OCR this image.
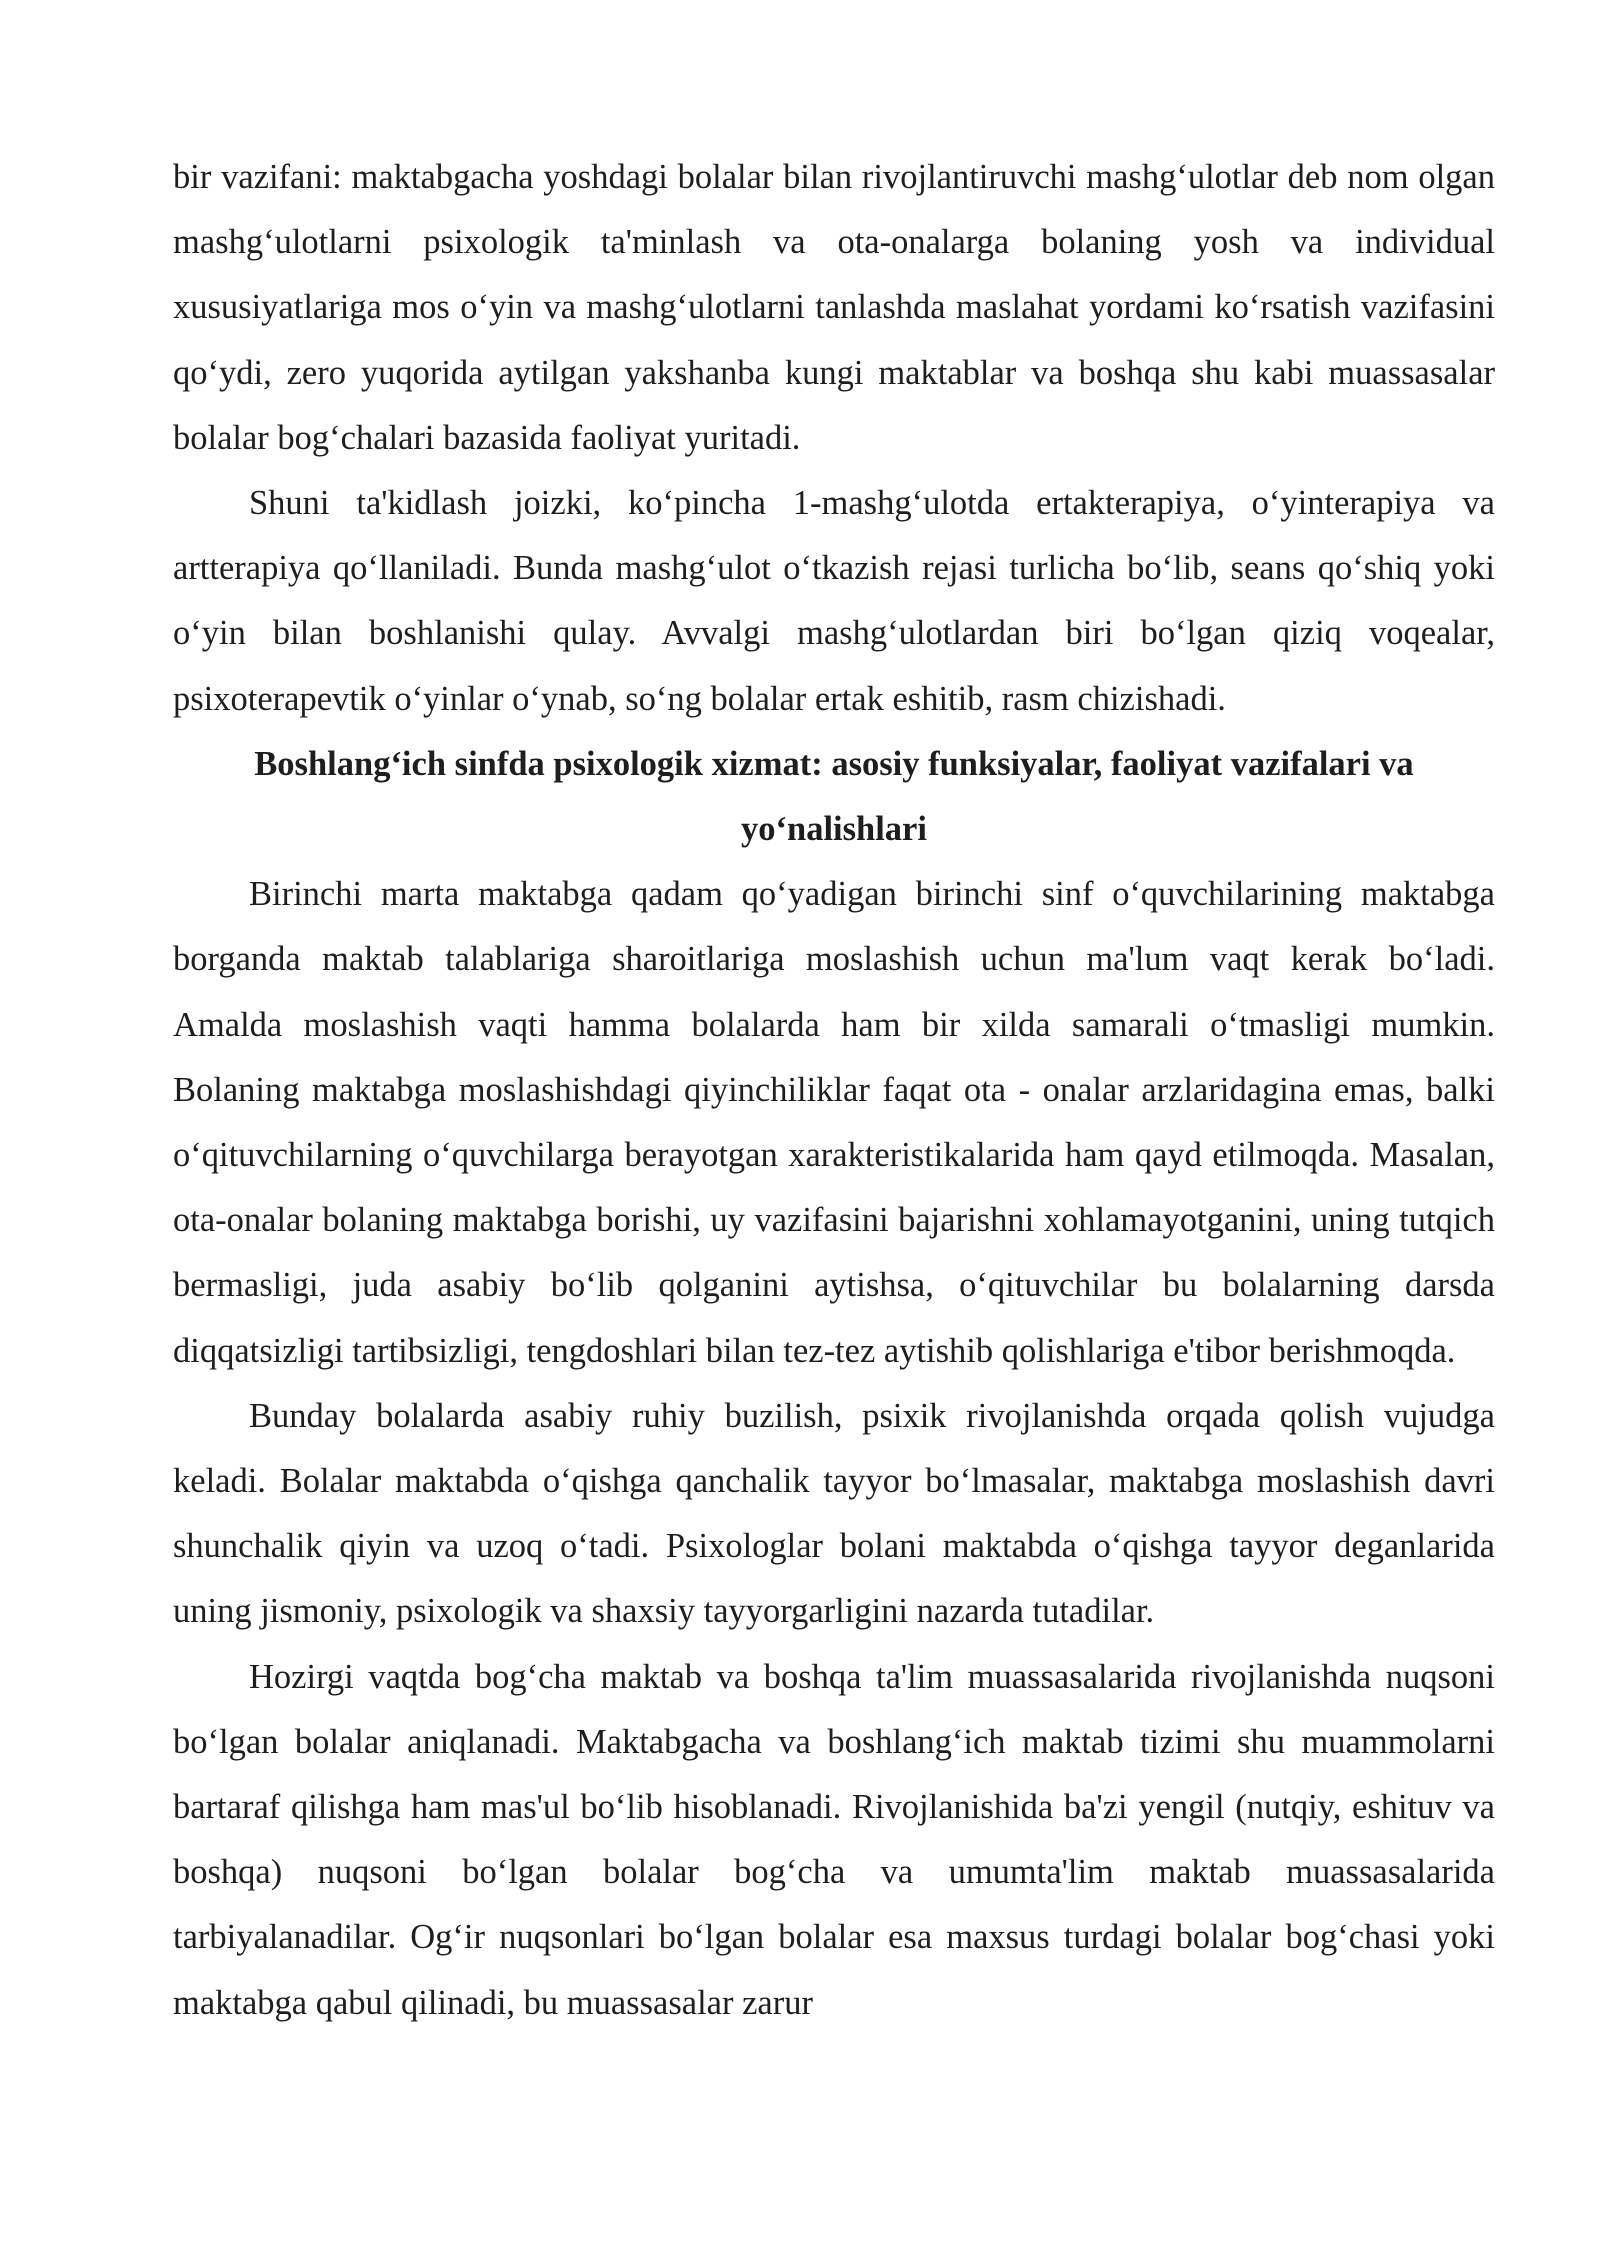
bir vazifani: maktabgacha yoshdagi bolalar bilan rivojlantiruvchi mashg‘ulotlar deb nom olgan mashg‘ulotlarni psixologik ta'minlash va ota-onalarga bolaning yosh va individual xususiyatlariga mos o‘yin va mashg‘ulotlarni tanlashda maslahat yordami ko‘rsatish vazifasini qo‘ydi, zero yuqorida aytilgan yakshanba kungi maktablar va boshqa shu kabi muassasalar bolalar bog‘chalari bazasida faoliyat yuritadi.

Shuni ta'kidlash joizki, ko‘pincha 1-mashg‘ulotda ertakterapiya, o‘yinterapiya va artterapiya qo‘llaniladi. Bunda mashg‘ulot o‘tkazish rejasi turlicha bo‘lib, seans qo‘shiq yoki o‘yin bilan boshlanishi qulay. Avvalgi mashg‘ulotlardan biri bo‘lgan qiziq voqealar, psixoterapevtik o‘yinlar o‘ynab, so‘ng bolalar ertak eshitib, rasm chizishadi.

Boshlang‘ich sinfda psixologik xizmat: asosiy funksiyalar, faoliyat vazifalari va yo‘nalishlari

Birinchi marta maktabga qadam qo‘yadigan birinchi sinf o‘quvchilarining maktabga borganda maktab talablariga sharoitlariga moslashish uchun ma'lum vaqt kerak bo‘ladi. Amalda moslashish vaqti hamma bolalarda ham bir xilda samarali o‘tmasligi mumkin. Bolaning maktabga moslashishdagi qiyinchiliklar faqat ota - onalar arzlaridagina emas, balki o‘qituvchilarning o‘quvchilarga berayotgan xarakteristikalarida ham qayd etilmoqda. Masalan, ota-onalar bolaning maktabga borishi, uy vazifasini bajarishni xohlamayotganini, uning tutqich bermasligi, juda asabiy bo‘lib qolganini aytishsa, o‘qituvchilar bu bolalarning darsda diqqatsizligi tartibsizligi, tengdoshlari bilan tez-tez aytishib qolishlariga e'tibor berishmoqda.

Bunday bolalarda asabiy ruhiy buzilish, psixik rivojlanishda orqada qolish vujudga keladi. Bolalar maktabda o‘qishga qanchalik tayyor bo‘lmasalar, maktabga moslashish davri shunchalik qiyin va uzoq o‘tadi. Psixologlar bolani maktabda o‘qishga tayyor deganlarida uning jismoniy, psixologik va shaxsiy tayyorgarligini nazarda tutadilar.

Hozirgi vaqtda bog‘cha maktab va boshqa ta'lim muassasalarida rivojlanishda nuqsoni bo‘lgan bolalar aniqlanadi. Maktabgacha va boshlang‘ich maktab tizimi shu muammolarni bartaraf qilishga ham mas'ul bo‘lib hisoblanadi. Rivojlanishida ba'zi yengil (nutqiy, eshituv va boshqa) nuqsoni bo‘lgan bolalar bog‘cha va umumta'lim maktab muassasalarida tarbiyalanadilar. Og‘ir nuqsonlari bo‘lgan bolalar esa maxsus turdagi bolalar bog‘chasi yoki maktabga qabul qilinadi, bu muassasalar zarur
